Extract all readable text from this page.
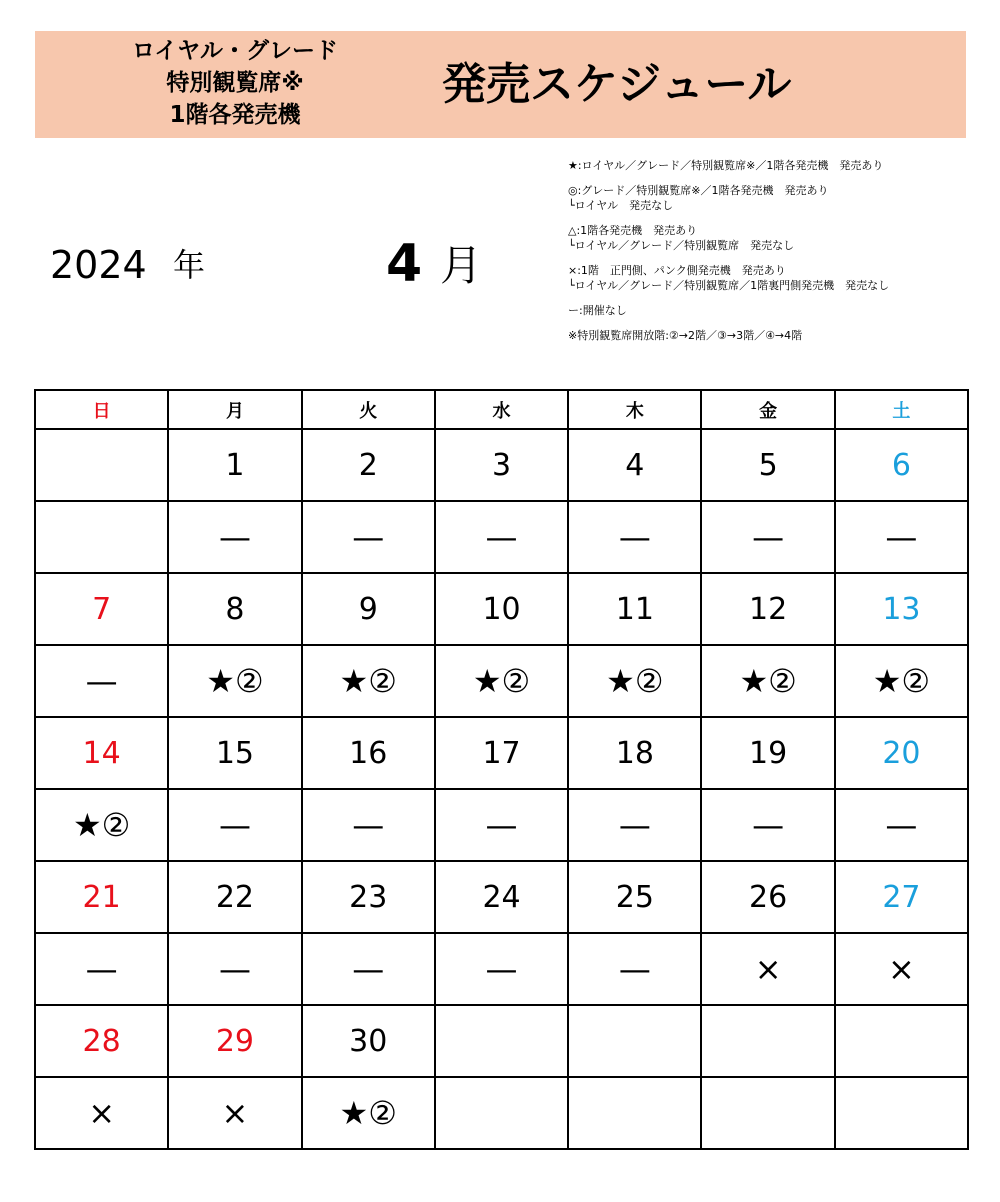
ロイヤル・グレード
特別観覧席※
1階各発売機
発売スケジュール
2024 年	4 月
★:ロイヤル／グレード／特別観覧席※／1階各発売機　発売あり
◎:グレード／特別観覧席※／1階各発売機　発売あり
└ロイヤル　発売なし
△:1階各発売機　発売あり
└ロイヤル／グレード／特別観覧席　発売なし
×:1階　正門側、パンク側発売機　発売あり
└ロイヤル／グレード／特別観覧席／1階裏門側発売機　発売なし
ー:開催なし
※特別観覧席開放階:②→2階／③→3階／④→4階
日	月	火	水	木	金	土
	1	2	3	4	5	6
	—	—	—	—	—	—
7	8	9	10	11	12	13
—	★②	★②	★②	★②	★②	★②
14	15	16	17	18	19	20
★②	—	—	—	—	—	—
21	22	23	24	25	26	27
—	—	—	—	—	×	×
28	29	30				
×	×	★②				
